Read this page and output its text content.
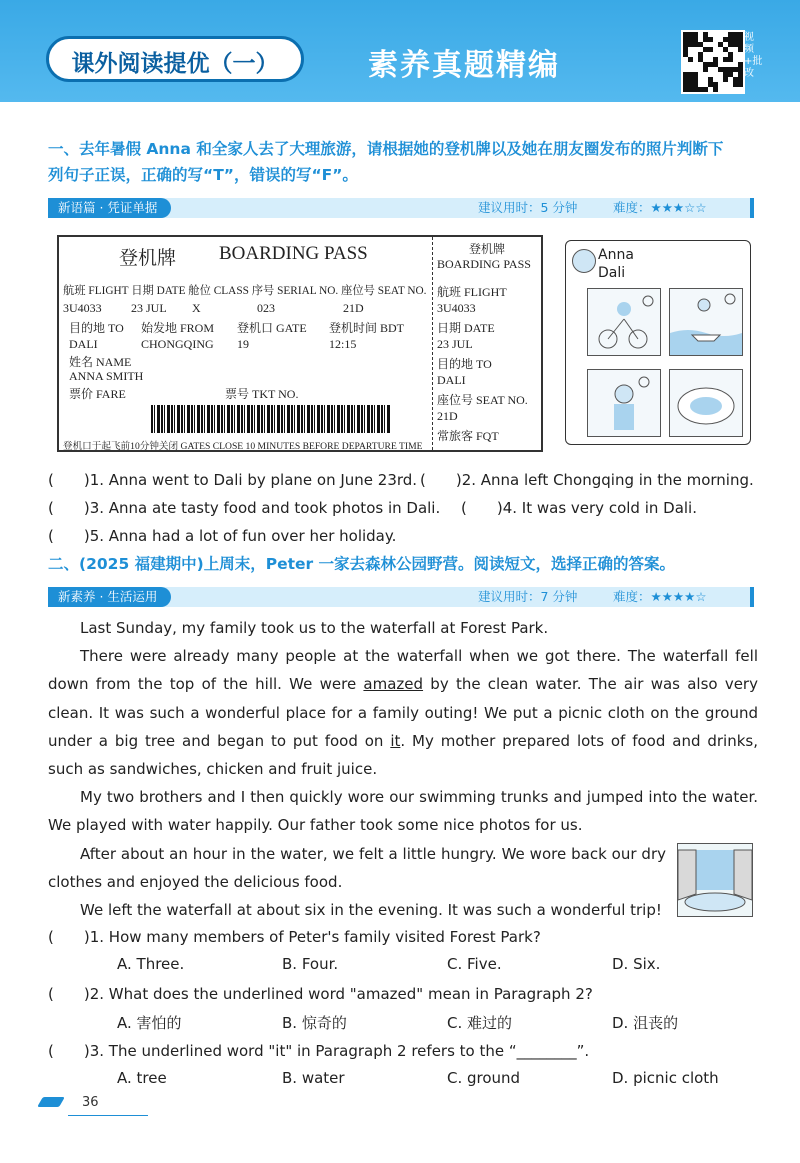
课外阅读提优（一）	素养真题精编
视频+批改
一、去年暑假 Anna 和全家人去了大理旅游，请根据她的登机牌以及她在朋友圈发布的照片判断下
列句子正误，正确的写“T”，错误的写“F”。
新语篇 · 凭证单据	建议用时：5 分钟	难度：★★★☆☆
登机牌 BOARDING PASS
航班 FLIGHT 日期 DATE 舱位 CLASS 序号 SERIAL NO. 座位号 SEAT NO.
3U4033 23 JUL X	023	21D
目的地 TO 始发地 FROM 登机口 GATE 登机时间 BDT
DALI	CHONGQING 19	12:15
姓名 NAME
ANNA SMITH
票价 FARE	票号 TKT NO.
登机口于起飞前10分钟关闭 GATES CLOSE 10 MINUTES BEFORE DEPARTURE TIME
登机牌
BOARDING PASS
航班 FLIGHT
3U4033
日期 DATE
23 JUL
目的地 TO
DALI
座位号 SEAT NO.
21D
常旅客 FQT
Anna
Dali
(　　)1. Anna went to Dali by plane on June 23rd. (　　)2. Anna left Chongqing in the morning.
(　　)3. Anna ate tasty food and took photos in Dali. (　　)4. It was very cold in Dali.
(　　)5. Anna had a lot of fun over her holiday.
二、(2025 福建期中)上周末，Peter 一家去森林公园野营。阅读短文，选择正确的答案。
新素养 · 生活运用	建议用时：7 分钟	难度：★★★★☆
Last Sunday, my family took us to the waterfall at Forest Park.
There were already many people at the waterfall when we got there. The waterfall fell down from the top of the hill. We were amazed by the clean water. The air was also very clean. It was such a wonderful place for a family outing! We put a picnic cloth on the ground under a big tree and began to put food on it. My mother prepared lots of food and drinks, such as sandwiches, chicken and fruit juice.
My two brothers and I then quickly wore our swimming trunks and jumped into the water. We played with water happily. Our father took some nice photos for us.
After about an hour in the water, we felt a little hungry. We wore back our dry clothes and enjoyed the delicious food.
We left the waterfall at about six in the evening. It was such a wonderful trip!
(　　)1. How many members of Peter's family visited Forest Park?
A. Three.	B. Four.	C. Five.	D. Six.
(　　)2. What does the underlined word "amazed" mean in Paragraph 2?
A. 害怕的	B. 惊奇的	C. 难过的	D. 沮丧的
(　　)3. The underlined word "it" in Paragraph 2 refers to the “________”.
A. tree	B. water	C. ground	D. picnic cloth
36
